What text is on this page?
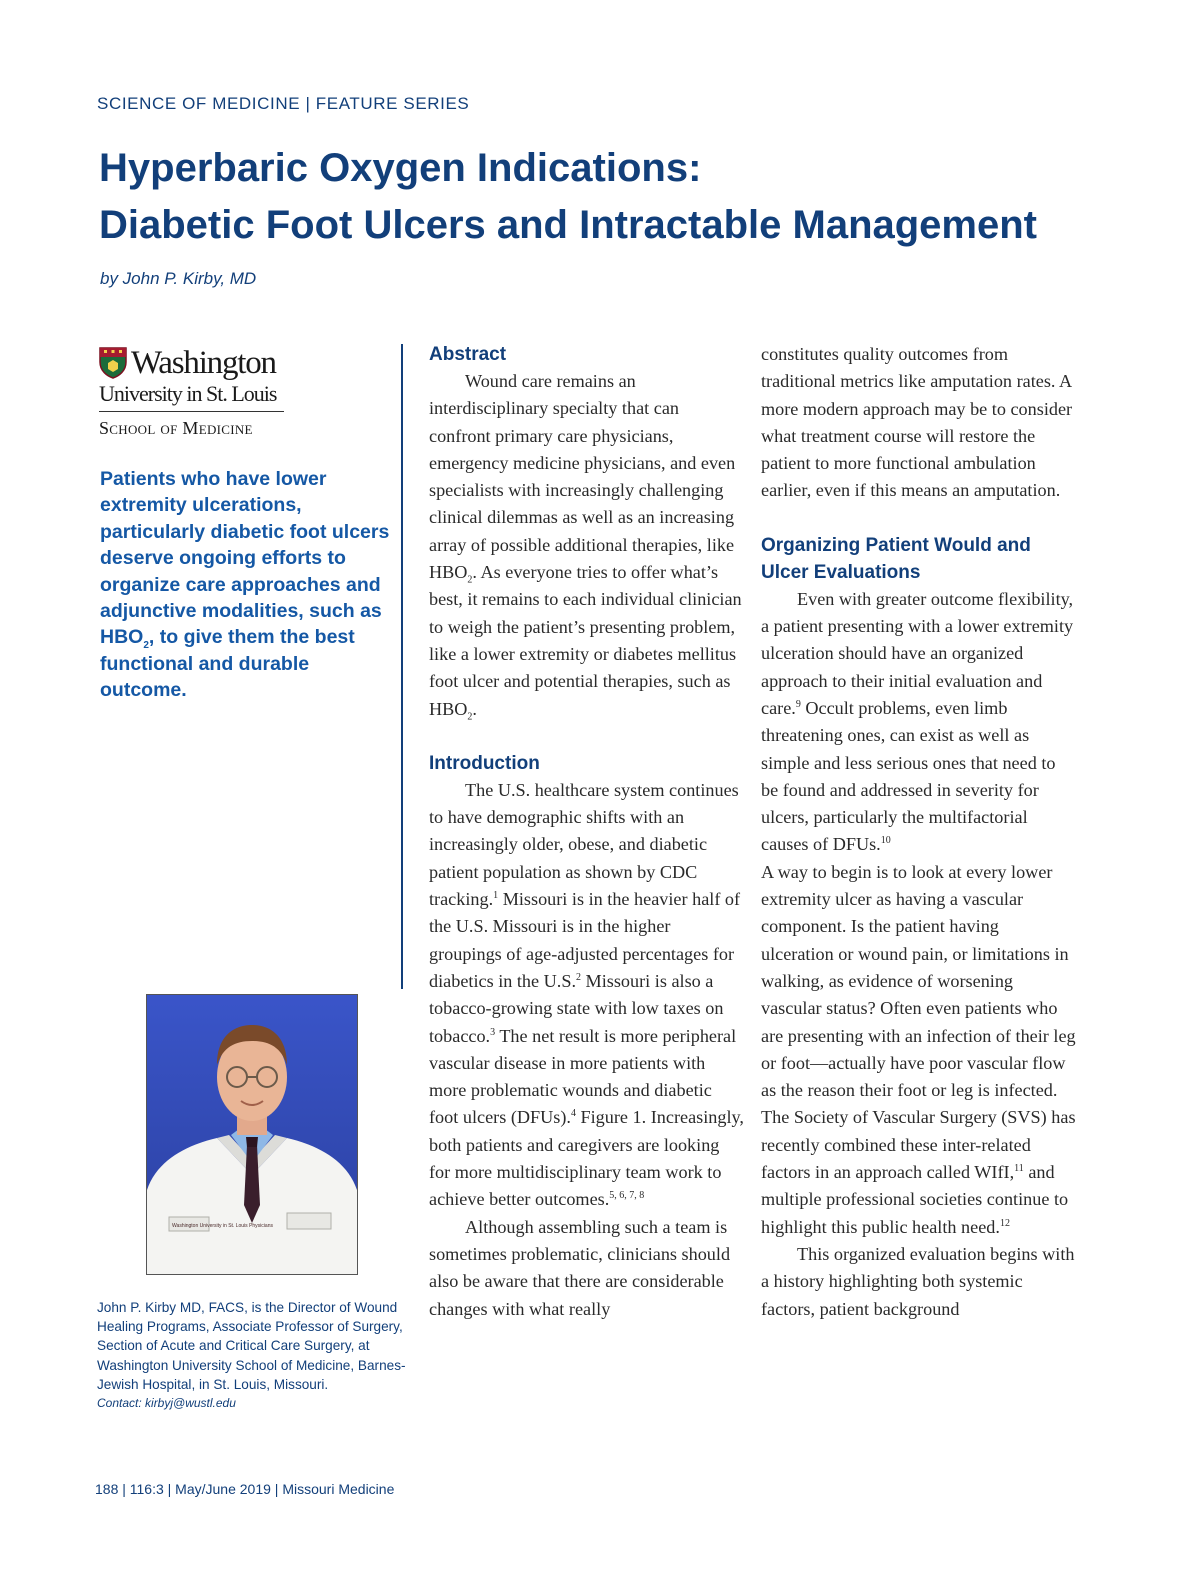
SCIENCE OF MEDICINE | FEATURE SERIES
Hyperbaric Oxygen Indications:
Diabetic Foot Ulcers and Intractable Management
by John P. Kirby, MD
Washington
University in St. Louis
School of Medicine

Patients who have lower extremity ulcerations, particularly diabetic foot ulcers deserve ongoing efforts to organize care approaches and adjunctive modalities, such as $HBO_2$, to give them the best functional and durable outcome.

Washington University in St. Louis Physicians

John P. Kirby MD, FACS, is the Director of Wound Healing Programs, Associate Professor of Surgery, Section of Acute and Critical Care Surgery, at Washington University School of Medicine, Barnes-Jewish Hospital, in St. Louis, Missouri.
Contact: kirbyj@wustl.edu

Abstract

Wound care remains an interdisciplinary specialty that can confront primary care physicians, emergency medicine physicians, and even specialists with increasingly challenging clinical dilemmas as well as an increasing array of possible additional therapies, like $HBO_2$. As everyone tries to offer what’s best, it remains to each individual clinician to weigh the patient’s presenting problem, like a lower extremity or diabetes mellitus foot ulcer and potential therapies, such as $HBO_2$.

Introduction

The U.S. healthcare system continues to have demographic shifts with an increasingly older, obese, and diabetic patient population as shown by CDC tracking.$^1$ Missouri is in the heavier half of the U.S. Missouri is in the higher groupings of age-adjusted percentages for diabetics in the U.S.$^2$ Missouri is also a tobacco-growing state with low taxes on tobacco.$^3$ The net result is more peripheral vascular disease in more patients with more problematic wounds and diabetic foot ulcers (DFUs).$^4$ Figure 1. Increasingly, both patients and caregivers are looking for more multidisciplinary team work to achieve better outcomes.$^{5, 6, 7, 8}$

Although assembling such a team is sometimes problematic, clinicians should also be aware that there are considerable changes with what really

constitutes quality outcomes from traditional metrics like amputation rates. A more modern approach may be to consider what treatment course will restore the patient to more functional ambulation earlier, even if this means an amputation.

Organizing Patient Would and Ulcer Evaluations

Even with greater outcome flexibility, a patient presenting with a lower extremity ulceration should have an organized approach to their initial evaluation and care.$^9$ Occult problems, even limb threatening ones, can exist as well as simple and less serious ones that need to be found and addressed in severity for ulcers, particularly the multifactorial causes of DFUs.$^{10}$

A way to begin is to look at every lower extremity ulcer as having a vascular component. Is the patient having ulceration or wound pain, or limitations in walking, as evidence of worsening vascular status? Often even patients who are presenting with an infection of their leg or foot—actually have poor vascular flow as the reason their foot or leg is infected. The Society of Vascular Surgery (SVS) has recently combined these inter-related factors in an approach called WIfI,$^{11}$ and multiple professional societies continue to highlight this public health need.$^{12}$

This organized evaluation begins with a history highlighting both systemic factors, patient background

188 | 116:3 | May/June 2019 | Missouri Medicine
